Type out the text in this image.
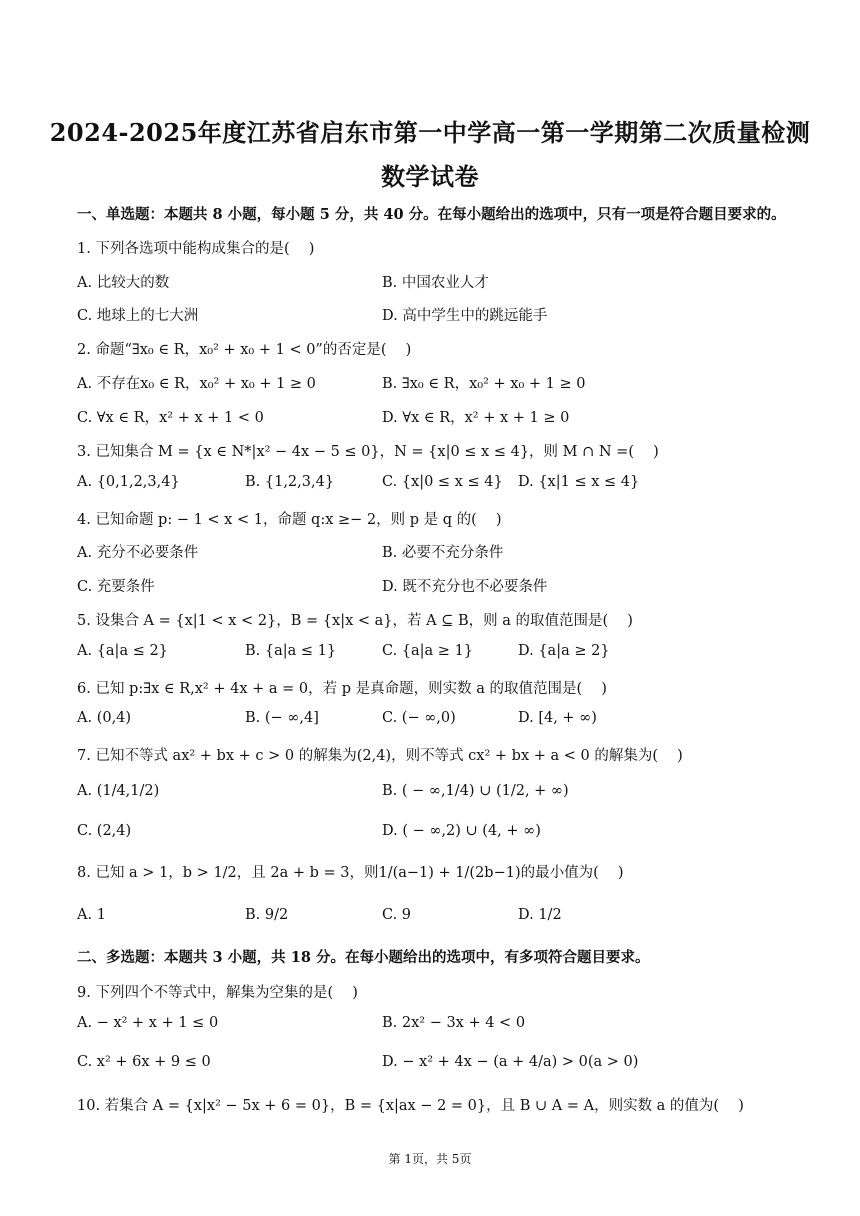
2024-2025年度江苏省启东市第一中学高一第一学期第二次质量检测
数学试卷
一、单选题：本题共 8 小题，每小题 5 分，共 40 分。在每小题给出的选项中，只有一项是符合题目要求的。
1. 下列各选项中能构成集合的是(　 )
A. 比较大的数	B. 中国农业人才
C. 地球上的七大洲	D. 高中学生中的跳远能手
2. 命题“∃x₀ ∈ R，x₀² + x₀ + 1 < 0”的否定是(　 )
A. 不存在x₀ ∈ R，x₀² + x₀ + 1 ≥ 0	B. ∃x₀ ∈ R，x₀² + x₀ + 1 ≥ 0
C. ∀x ∈ R，x² + x + 1 < 0	D. ∀x ∈ R，x² + x + 1 ≥ 0
3. 已知集合 M = {x ∈ N*|x² − 4x − 5 ≤ 0}，N = {x|0 ≤ x ≤ 4}，则 M ∩ N =(　 )
A. {0,1,2,3,4}	B. {1,2,3,4}	C. {x|0 ≤ x ≤ 4} D. {x|1 ≤ x ≤ 4}
4. 已知命题 p: − 1 < x < 1，命题 q:x ≥− 2，则 p 是 q 的(　 )
A. 充分不必要条件	B. 必要不充分条件
C. 充要条件	D. 既不充分也不必要条件
5. 设集合 A = {x|1 < x < 2}，B = {x|x < a}，若 A ⊆ B，则 a 的取值范围是(　 )
A. {a|a ≤ 2}	B. {a|a ≤ 1}	C. {a|a ≥ 1}	D. {a|a ≥ 2}
6. 已知 p:∃x ∈ R,x² + 4x + a = 0，若 p 是真命题，则实数 a 的取值范围是(　 )
A. (0,4)	B. (− ∞,4]	C. (− ∞,0)	D. [4, + ∞)
7. 已知不等式 ax² + bx + c > 0 的解集为(2,4)，则不等式 cx² + bx + a < 0 的解集为(　 )
A. (1/4,1/2)	B. ( − ∞,1/4) ∪ (1/2, + ∞)
C. (2,4)	D. ( − ∞,2) ∪ (4, + ∞)
8. 已知 a > 1，b > 1/2，且 2a + b = 3，则1/(a−1) + 1/(2b−1)的最小值为(　 )
A. 1	B. 9/2	C. 9	D. 1/2
二、多选题：本题共 3 小题，共 18 分。在每小题给出的选项中，有多项符合题目要求。
9. 下列四个不等式中，解集为空集的是(　 )
A. − x² + x + 1 ≤ 0	B. 2x² − 3x + 4 < 0
C. x² + 6x + 9 ≤ 0	D. − x² + 4x − (a + 4/a) > 0(a > 0)
10. 若集合 A = {x|x² − 5x + 6 = 0}，B = {x|ax − 2 = 0}，且 B ∪ A = A，则实数 a 的值为(　 )
第 1页，共 5页
